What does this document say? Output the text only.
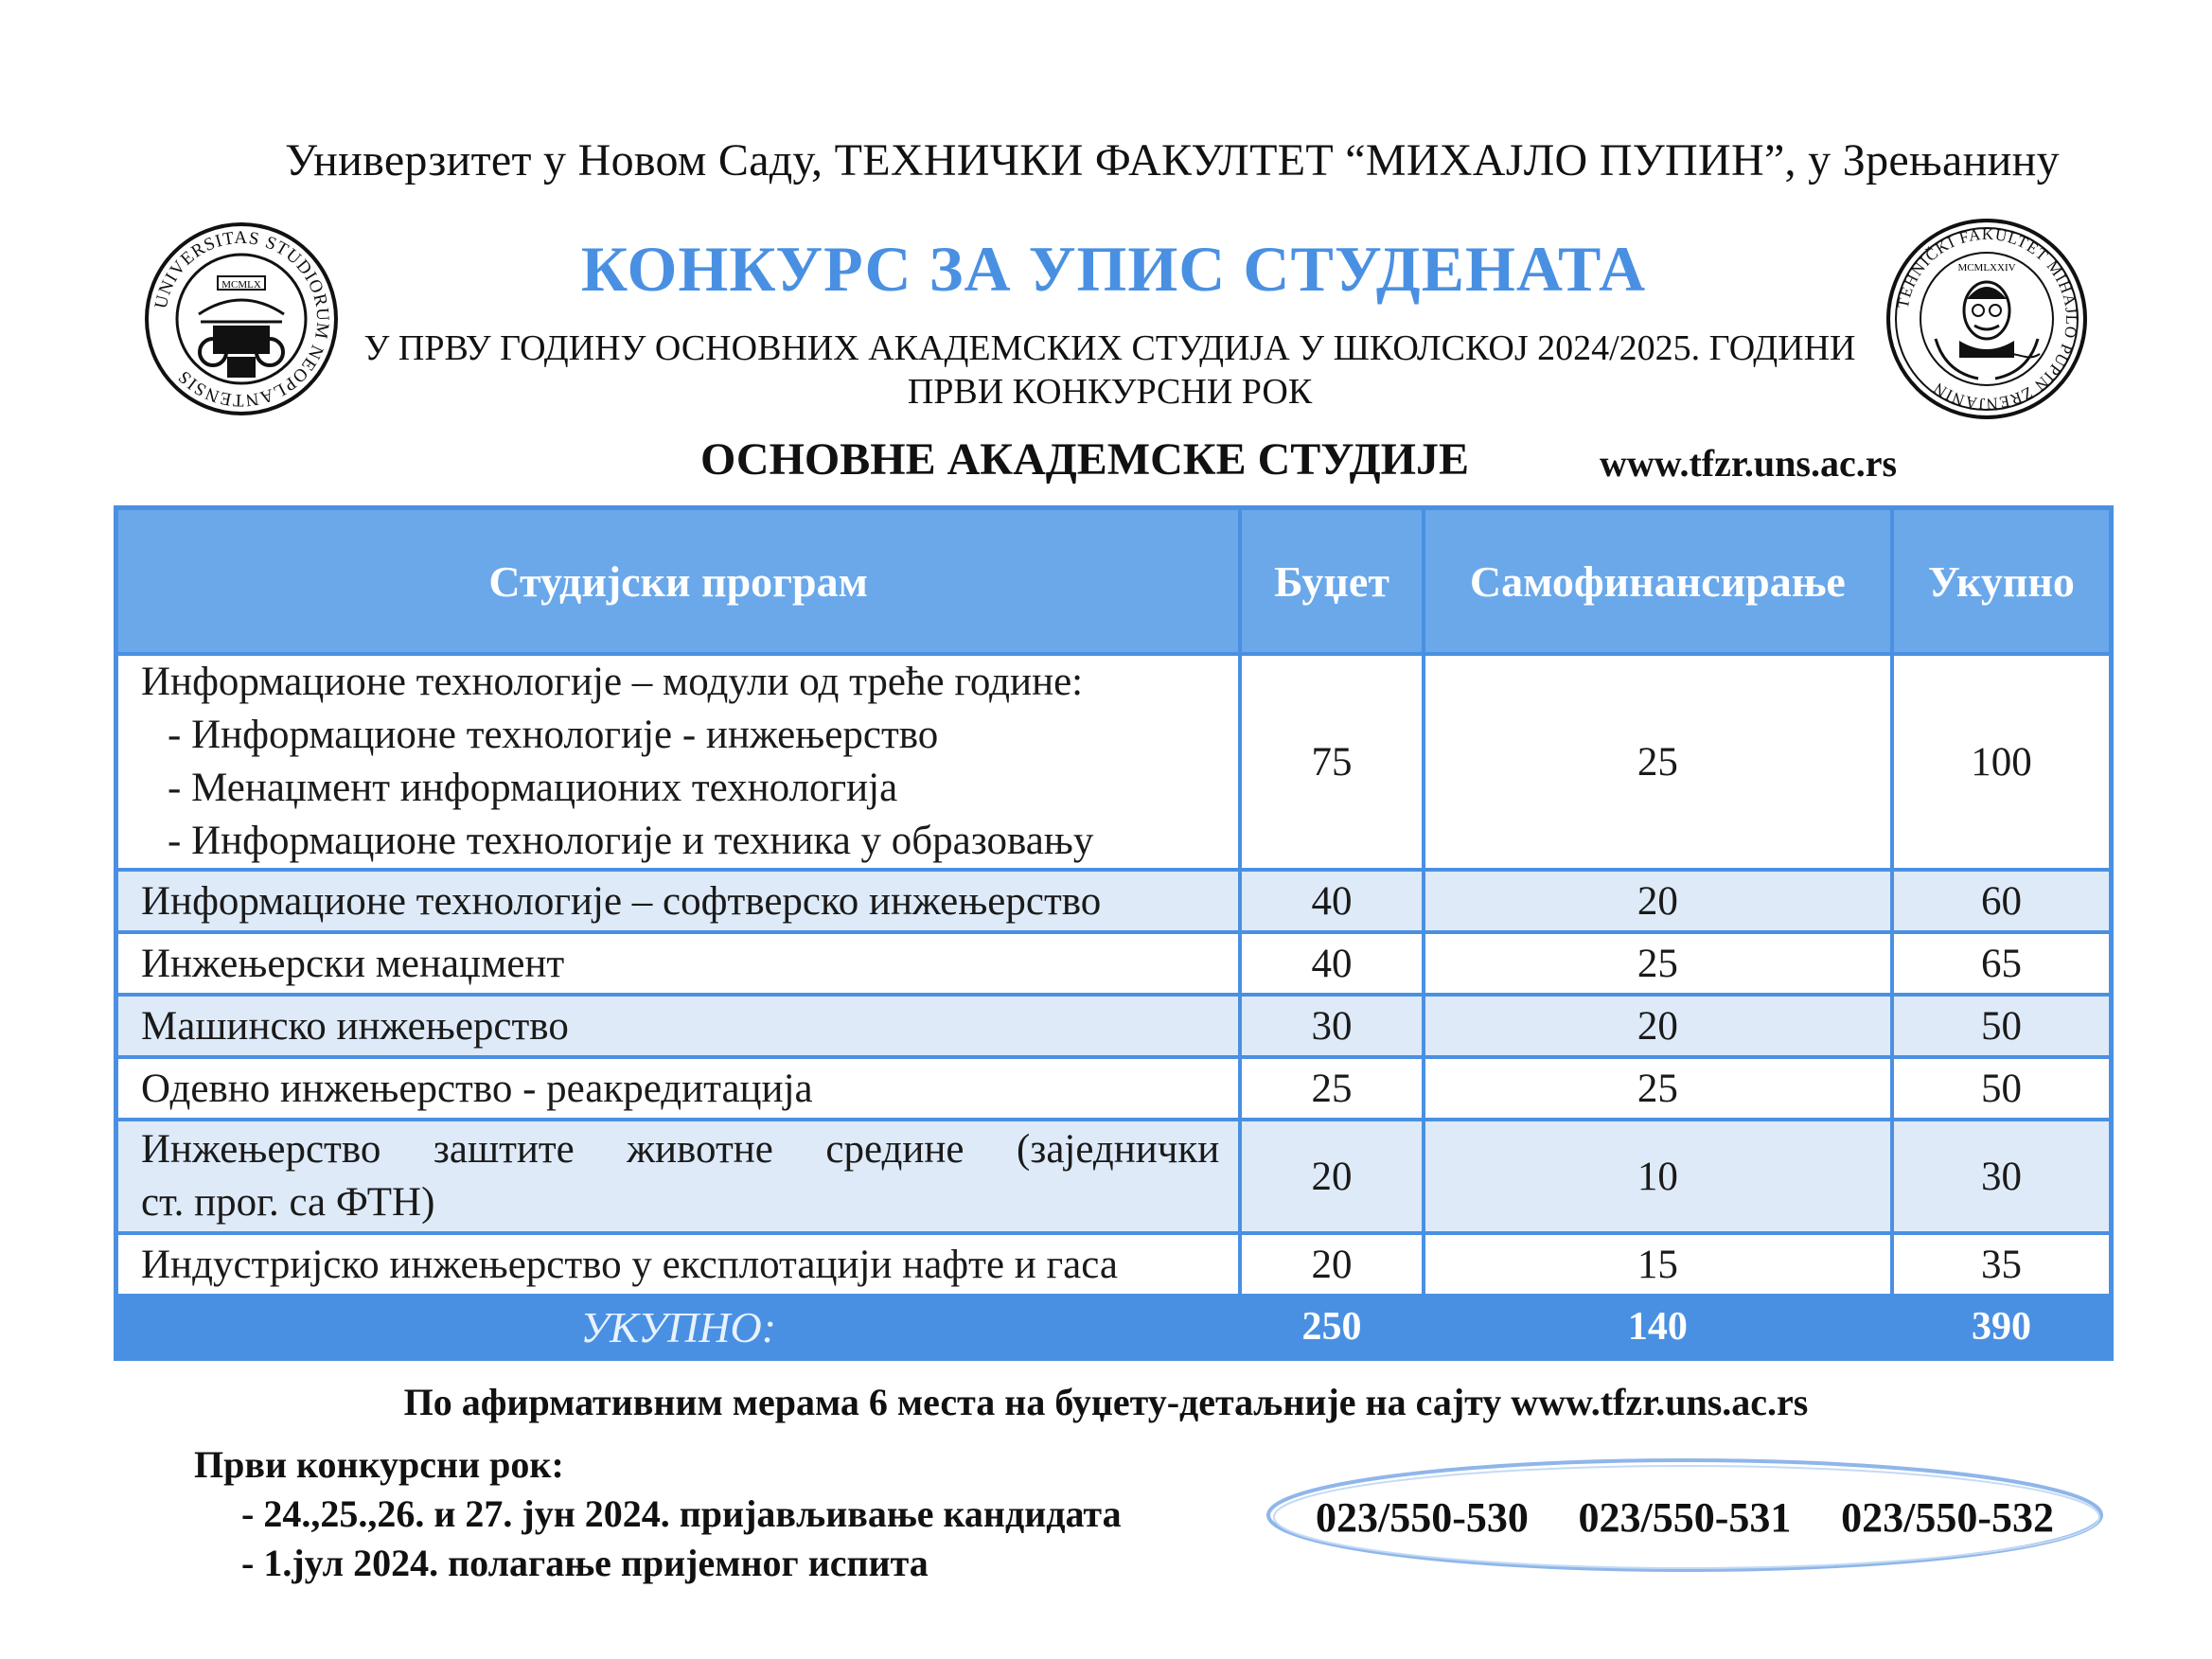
Универзитет у Новом Саду, ТЕХНИЧКИ ФАКУЛТЕТ “МИХАЈЛО ПУПИН”, у Зрењанину
UNIVERSITAS STUDIORUM NEOPLANTENSIS
MCMLX	КОНКУРС ЗА УПИС СТУДЕНАТА	TEHNIČKI FAKULTET MIHAJLO PUPIN ZRENJANIN
MCMLXXIV
У ПРВУ ГОДИНУ ОСНОВНИХ АКАДЕМСКИХ СТУДИЈА У ШКОЛСКОЈ 2024/2025. ГОДИНИ
ПРВИ КОНКУРСНИ РОК
ОСНОВНЕ АКАДЕМСКЕ СТУДИЈЕ	www.tfzr.uns.ac.rs
Студијски програм	Буџет	Самофинансирање	Укупно

Информационе технологије – модули од треће године:
- Информационе технологије - инжењерство
- Менаџмент информационих технологија
- Информационе технологије и техника у образовању	75	25	100
Информационе технологије – софтверско инжењерство	40	20	60
Инжењерски менаџмент	40	25	65
Машинско инжењерство	30	20	50
Одевно инжењерство - реакредитација	25	25	50

Инжењерство заштите животне средине (заједнички
ст. прог. са ФТН)	20	10	30
Индустријско инжењерство у експлотацији нафте и гаса	20	15	35
УКУПНО:	250	140	390
По афирмативним мерама 6 места на буџету-детаљније на сајту www.tfzr.uns.ac.rs
Први конкурсни рок:
- 24.,25.,26. и 27. јун 2024. пријављивање кандидата
- 1.јул 2024. полагање пријемног испита
023/550-530 023/550-531 023/550-532
